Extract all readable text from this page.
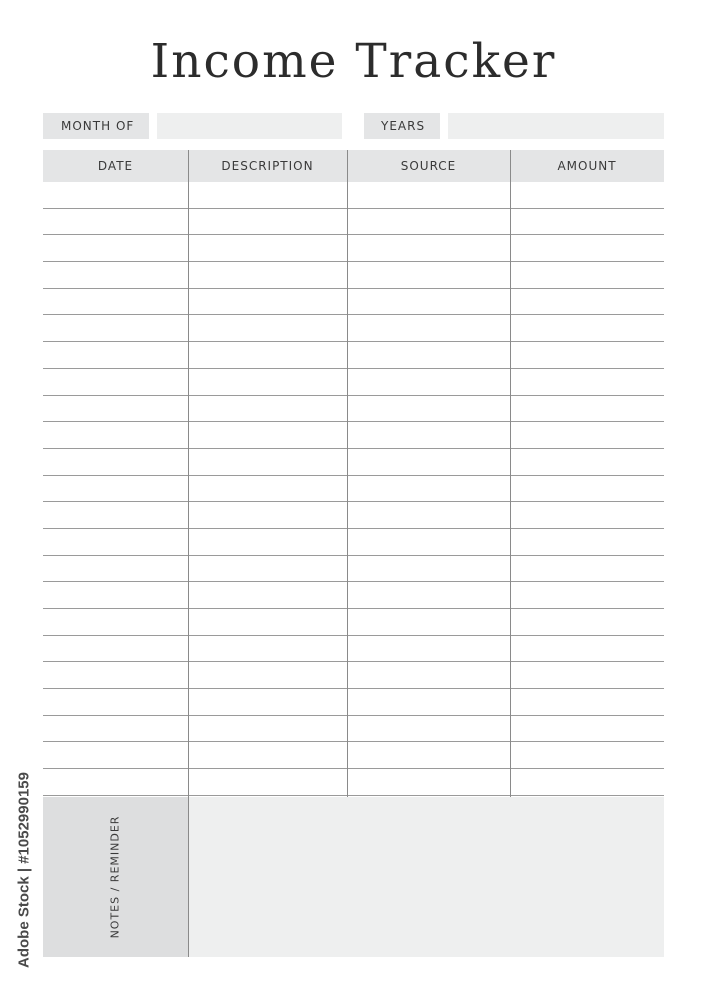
Income Tracker
MONTH OF	YEARS
DATE	DESCRIPTION	SOURCE	AMOUNT
NOTES / REMINDER
Adobe Stock | #1052990159
